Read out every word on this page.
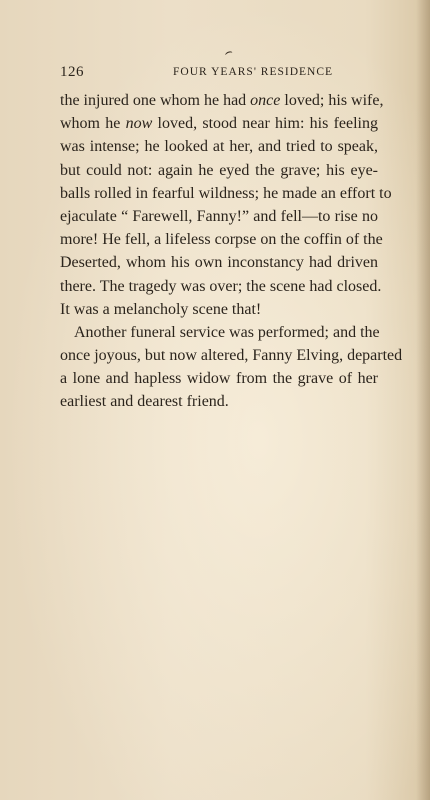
⌢
126	FOUR YEARS' RESIDENCE
the injured one whom he had once loved; his wife,
whom he now loved, stood near him: his feeling
was intense; he looked at her, and tried to speak,
but could not: again he eyed the grave; his eye-
balls rolled in fearful wildness; he made an effort to
ejaculate “ Farewell, Fanny!” and fell—to rise no
more! He fell, a lifeless corpse on the coffin of the
Deserted, whom his own inconstancy had driven
there. The tragedy was over; the scene had closed.
It was a melancholy scene that!
Another funeral service was performed; and the
once joyous, but now altered, Fanny Elving, departed
a lone and hapless widow from the grave of her
earliest and dearest friend.
